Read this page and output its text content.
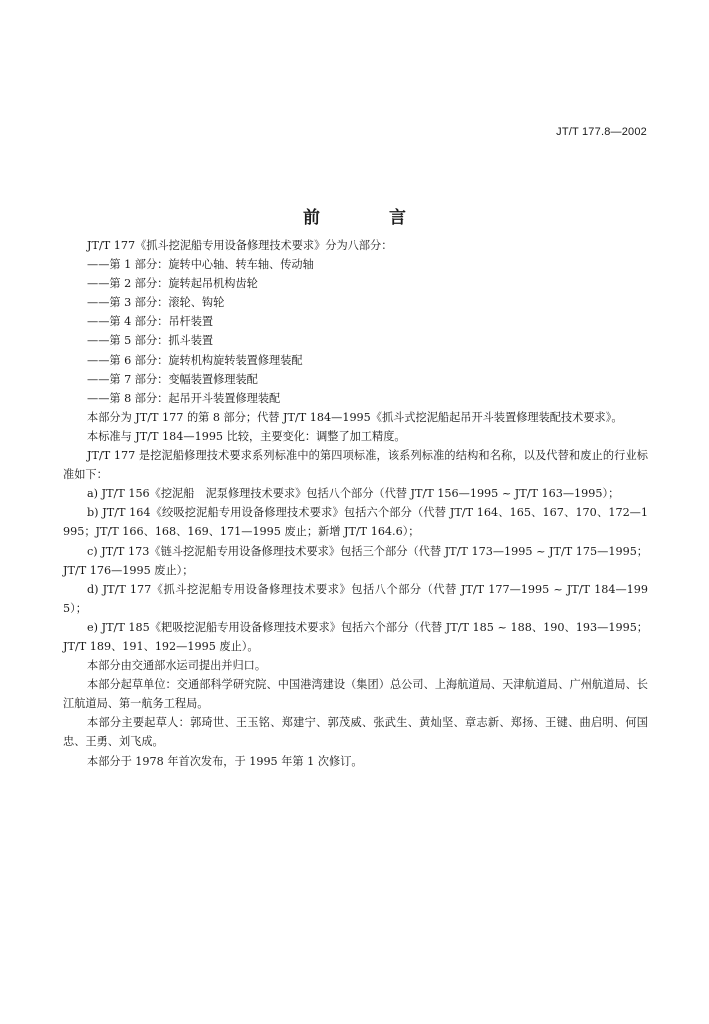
JT/T 177.8—2002
前　言

JT/T 177《抓斗挖泥船专用设备修理技术要求》分为八部分：

——第 1 部分：旋转中心轴、转车轴、传动轴

——第 2 部分：旋转起吊机构齿轮

——第 3 部分：滚轮、钩轮

——第 4 部分：吊杆装置

——第 5 部分：抓斗装置

——第 6 部分：旋转机构旋转装置修理装配

——第 7 部分：变幅装置修理装配

——第 8 部分：起吊开斗装置修理装配

本部分为 JT/T 177 的第 8 部分；代替 JT/T 184—1995《抓斗式挖泥船起吊开斗装置修理装配技术要求》。

本标准与 JT/T 184—1995 比较，主要变化：调整了加工精度。

JT/T 177 是挖泥船修理技术要求系列标准中的第四项标准，该系列标准的结构和名称，以及代替和废止的行业标准如下：

a) JT/T 156《挖泥船　泥泵修理技术要求》包括八个部分（代替 JT/T 156—1995 ~ JT/T 163—1995）；

b) JT/T 164《绞吸挖泥船专用设备修理技术要求》包括六个部分（代替 JT/T 164、165、167、170、172—1995；JT/T 166、168、169、171—1995 废止；新增 JT/T 164.6）；

c) JT/T 173《链斗挖泥船专用设备修理技术要求》包括三个部分（代替 JT/T 173—1995 ~ JT/T 175—1995；JT/T 176—1995 废止）；

d) JT/T 177《抓斗挖泥船专用设备修理技术要求》包括八个部分（代替 JT/T 177—1995 ~ JT/T 184—1995）；

e) JT/T 185《耙吸挖泥船专用设备修理技术要求》包括六个部分（代替 JT/T 185 ~ 188、190、193—1995；JT/T 189、191、192—1995 废止）。

本部分由交通部水运司提出并归口。

本部分起草单位：交通部科学研究院、中国港湾建设（集团）总公司、上海航道局、天津航道局、广州航道局、长江航道局、第一航务工程局。

本部分主要起草人：郭琦世、王玉铭、郑建宁、郭茂威、张武生、黄灿坚、章志新、郑扬、王键、曲启明、何国忠、王勇、刘飞成。

本部分于 1978 年首次发布，于 1995 年第 1 次修订。
